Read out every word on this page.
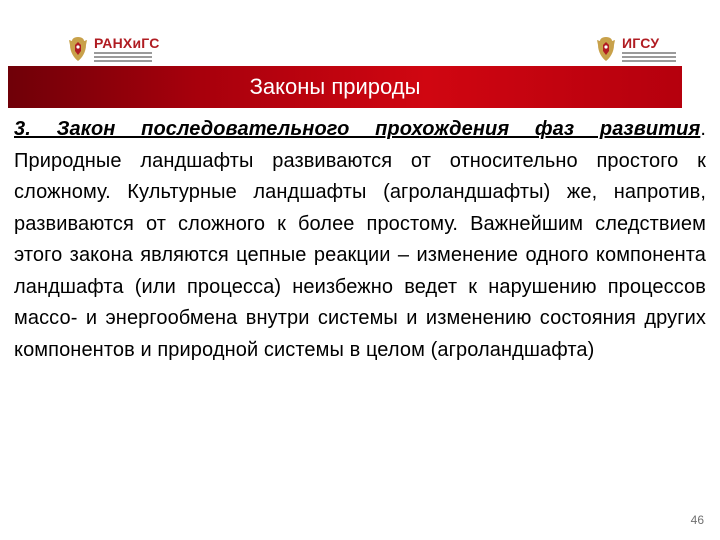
РАНХиГС	ИГСУ
Законы природы
3. Закон последовательного прохождения фаз развития. Природные ландшафты развиваются от относительно простого к сложному. Культурные ландшафты (агроландшафты) же, напротив, развиваются от сложного к более простому. Важнейшим следствием этого закона являются цепные реакции – изменение одного компонента ландшафта (или процесса) неизбежно ведет к нарушению процессов массо- и энергообмена внутри системы и изменению состояния других компонентов и природной системы в целом (агроландшафта)
46
